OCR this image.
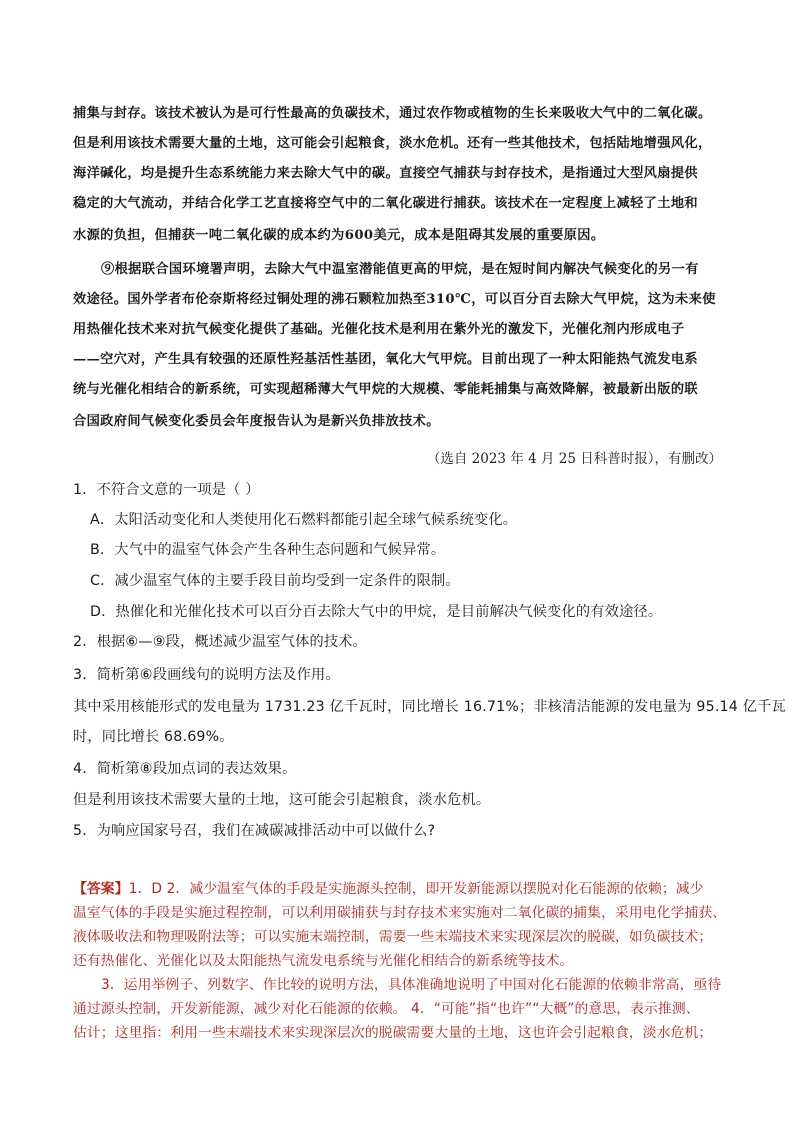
捕集与封存。该技术被认为是可行性最高的负碳技术，通过农作物或植物的生长来吸收大气中的二氧化碳。
但是利用该技术需要大量的土地，这可能会引起粮食，淡水危机。还有一些其他技术，包括陆地增强风化，
海洋碱化，均是提升生态系统能力来去除大气中的碳。直接空气捕获与封存技术，是指通过大型风扇提供
稳定的大气流动，并结合化学工艺直接将空气中的二氧化碳进行捕获。该技术在一定程度上减轻了土地和
水源的负担，但捕获一吨二氧化碳的成本约为600美元，成本是阻碍其发展的重要原因。
⑨根据联合国环境署声明，去除大气中温室潜能值更高的甲烷，是在短时间内解决气候变化的另一有
效途径。国外学者布伦奈斯将经过铜处理的沸石颗粒加热至310℃，可以百分百去除大气甲烷，这为未来使
用热催化技术来对抗气候变化提供了基础。光催化技术是利用在紫外光的激发下，光催化剂内形成电子
——空穴对，产生具有较强的还原性羟基活性基团，氧化大气甲烷。目前出现了一种太阳能热气流发电系
统与光催化相结合的新系统，可实现超稀薄大气甲烷的大规模、零能耗捕集与高效降解，被最新出版的联
合国政府间气候变化委员会年度报告认为是新兴负排放技术。
（选自 2023 年 4 月 25 日科普时报），有删改）
1．不符合文意的一项是（ ）
A．太阳活动变化和人类使用化石燃料都能引起全球气候系统变化。
B．大气中的温室气体会产生各种生态问题和气候异常。
C．减少温室气体的主要手段目前均受到一定条件的限制。
D．热催化和光催化技术可以百分百去除大气中的甲烷，是目前解决气候变化的有效途径。
2．根据⑥—⑨段，概述减少温室气体的技术。
3．简析第⑥段画线句的说明方法及作用。
其中采用核能形式的发电量为 1731.23 亿千瓦时，同比增长 16.71%；非核清洁能源的发电量为 95.14 亿千瓦
时，同比增长 68.69%。
4．简析第⑧段加点词的表达效果。
但是利用该技术需要大量的土地，这可能会引起粮食，淡水危机。
5．为响应国家号召，我们在减碳减排活动中可以做什么?
【答案】1．D 2．减少温室气体的手段是实施源头控制，即开发新能源以摆脱对化石能源的依赖；减少
温室气体的手段是实施过程控制，可以利用碳捕获与封存技术来实施对二氧化碳的捕集，采用电化学捕获、
液体吸收法和物理吸附法等；可以实施末端控制，需要一些末端技术来实现深层次的脱碳，如负碳技术；
还有热催化、光催化以及太阳能热气流发电系统与光催化相结合的新系统等技术。
3．运用举例子、列数字、作比较的说明方法，具体准确地说明了中国对化石能源的依赖非常高，亟待
通过源头控制，开发新能源，减少对化石能源的依赖。 4．“可能”指“也许”“大概”的意思，表示推测、
估计；这里指：利用一些末端技术来实现深层次的脱碳需要大量的土地，这也许会引起粮食，淡水危机；
